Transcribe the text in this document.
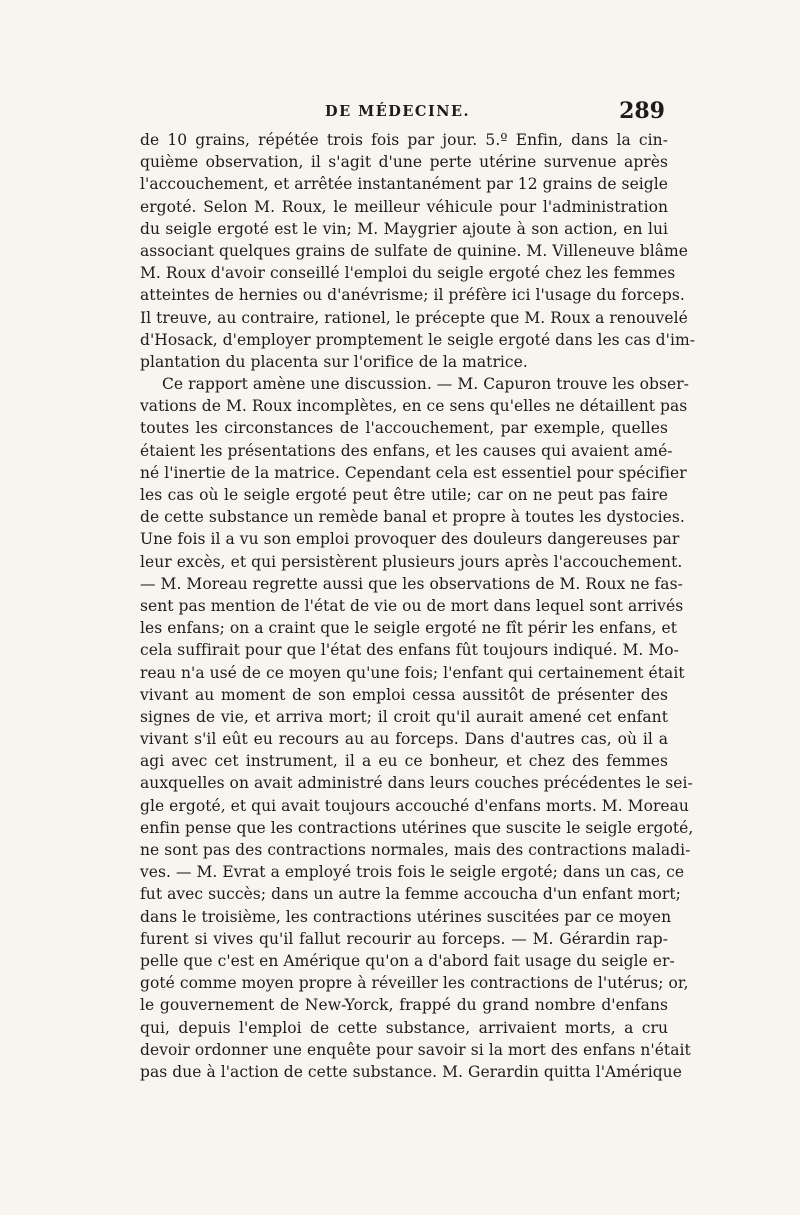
DE MÉDECINE.	289
de 10 grains, répétée trois fois par jour. 5.º Enfin, dans la cin-
quième observation, il s'agit d'une perte utérine survenue après
l'accouchement, et arrêtée instantanément par 12 grains de seigle
ergoté. Selon M. Roux, le meilleur véhicule pour l'administration
du seigle ergoté est le vin; M. Maygrier ajoute à son action, en lui
associant quelques grains de sulfate de quinine. M. Villeneuve blâme
M. Roux d'avoir conseillé l'emploi du seigle ergoté chez les femmes
atteintes de hernies ou d'anévrisme; il préfère ici l'usage du forceps.
Il treuve, au contraire, rationel, le précepte que M. Roux a renouvelé
d'Hosack, d'employer promptement le seigle ergoté dans les cas d'im-
plantation du placenta sur l'orifice de la matrice.
Ce rapport amène une discussion. — M. Capuron trouve les obser-
vations de M. Roux incomplètes, en ce sens qu'elles ne détaillent pas
toutes les circonstances de l'accouchement, par exemple, quelles
étaient les présentations des enfans, et les causes qui avaient amé-
né l'inertie de la matrice. Cependant cela est essentiel pour spécifier
les cas où le seigle ergoté peut être utile; car on ne peut pas faire
de cette substance un remède banal et propre à toutes les dystocies.
Une fois il a vu son emploi provoquer des douleurs dangereuses par
leur excès, et qui persistèrent plusieurs jours après l'accouchement.
— M. Moreau regrette aussi que les observations de M. Roux ne fas-
sent pas mention de l'état de vie ou de mort dans lequel sont arrivés
les enfans; on a craint que le seigle ergoté ne fît périr les enfans, et
cela suffirait pour que l'état des enfans fût toujours indiqué. M. Mo-
reau n'a usé de ce moyen qu'une fois; l'enfant qui certainement était
vivant au moment de son emploi cessa aussitôt de présenter des
signes de vie, et arriva mort; il croit qu'il aurait amené cet enfant
vivant s'il eût eu recours au au forceps. Dans d'autres cas, où il a
agi avec cet instrument, il a eu ce bonheur, et chez des femmes
auxquelles on avait administré dans leurs couches précédentes le sei-
gle ergoté, et qui avait toujours accouché d'enfans morts. M. Moreau
enfin pense que les contractions utérines que suscite le seigle ergoté,
ne sont pas des contractions normales, mais des contractions maladi-
ves. — M. Evrat a employé trois fois le seigle ergoté; dans un cas, ce
fut avec succès; dans un autre la femme accoucha d'un enfant mort;
dans le troisième, les contractions utérines suscitées par ce moyen
furent si vives qu'il fallut recourir au forceps. — M. Gérardin rap-
pelle que c'est en Amérique qu'on a d'abord fait usage du seigle er-
goté comme moyen propre à réveiller les contractions de l'utérus; or,
le gouvernement de New-Yorck, frappé du grand nombre d'enfans
qui, depuis l'emploi de cette substance, arrivaient morts, a cru
devoir ordonner une enquête pour savoir si la mort des enfans n'était
pas due à l'action de cette substance. M. Gerardin quitta l'Amérique
